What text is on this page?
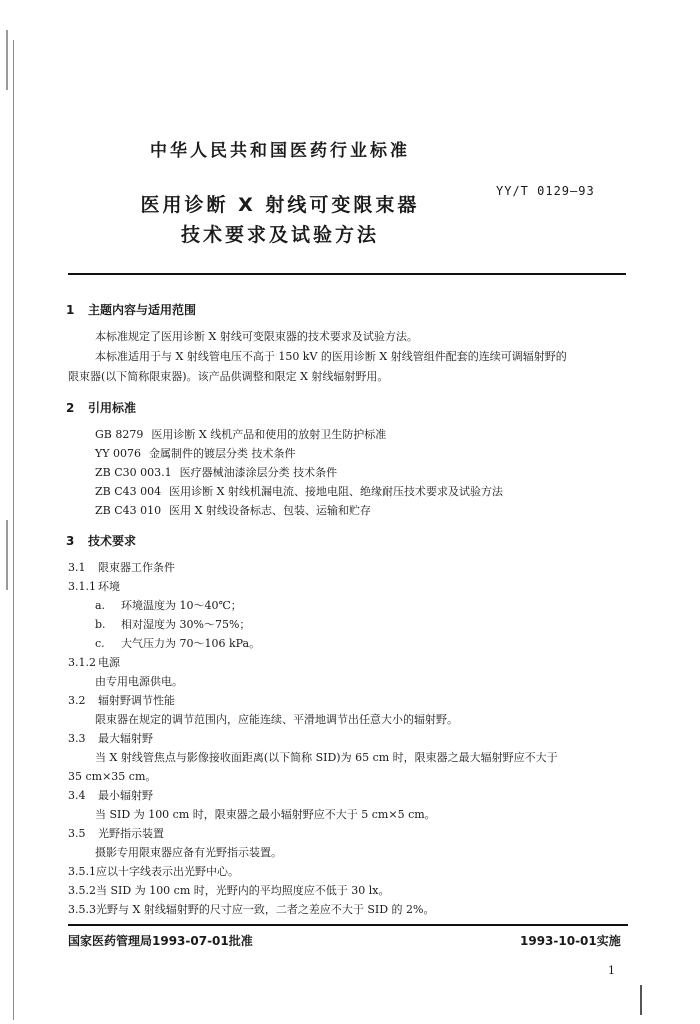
中华人民共和国医药行业标准
医用诊断 X 射线可变限束器
技术要求及试验方法
YY/T 0129—93
1 主题内容与适用范围
本标准规定了医用诊断 X 射线可变限束器的技术要求及试验方法。
本标准适用于与 X 射线管电压不高于 150 kV 的医用诊断 X 射线管组件配套的连续可调辐射野的
限束器(以下简称限束器)。该产品供调整和限定 X 射线辐射野用。
2 引用标准
GB 8279 医用诊断 X 线机产品和使用的放射卫生防护标准
YY 0076 金属制件的镀层分类 技术条件
ZB C30 003.1 医疗器械油漆涂层分类 技术条件
ZB C43 004 医用诊断 X 射线机漏电流、接地电阻、绝缘耐压技术要求及试验方法
ZB C43 010 医用 X 射线设备标志、包装、运输和贮存
3 技术要求
3.1 限束器工作条件
3.1.1 环境
a. 环境温度为 10～40℃；
b. 相对湿度为 30%～75%；
c. 大气压力为 70～106 kPa。
3.1.2 电源
由专用电源供电。
3.2 辐射野调节性能
限束器在规定的调节范围内，应能连续、平滑地调节出任意大小的辐射野。
3.3 最大辐射野
当 X 射线管焦点与影像接收面距离(以下简称 SID)为 65 cm 时，限束器之最大辐射野应不大于
35 cm×35 cm。
3.4 最小辐射野
当 SID 为 100 cm 时，限束器之最小辐射野应不大于 5 cm×5 cm。
3.5 光野指示装置
摄影专用限束器应备有光野指示装置。
3.5.1应以十字线表示出光野中心。
3.5.2当 SID 为 100 cm 时，光野内的平均照度应不低于 30 lx。
3.5.3光野与 X 射线辐射野的尺寸应一致，二者之差应不大于 SID 的 2%。
国家医药管理局1993-07-01批准	1993-10-01实施
1
